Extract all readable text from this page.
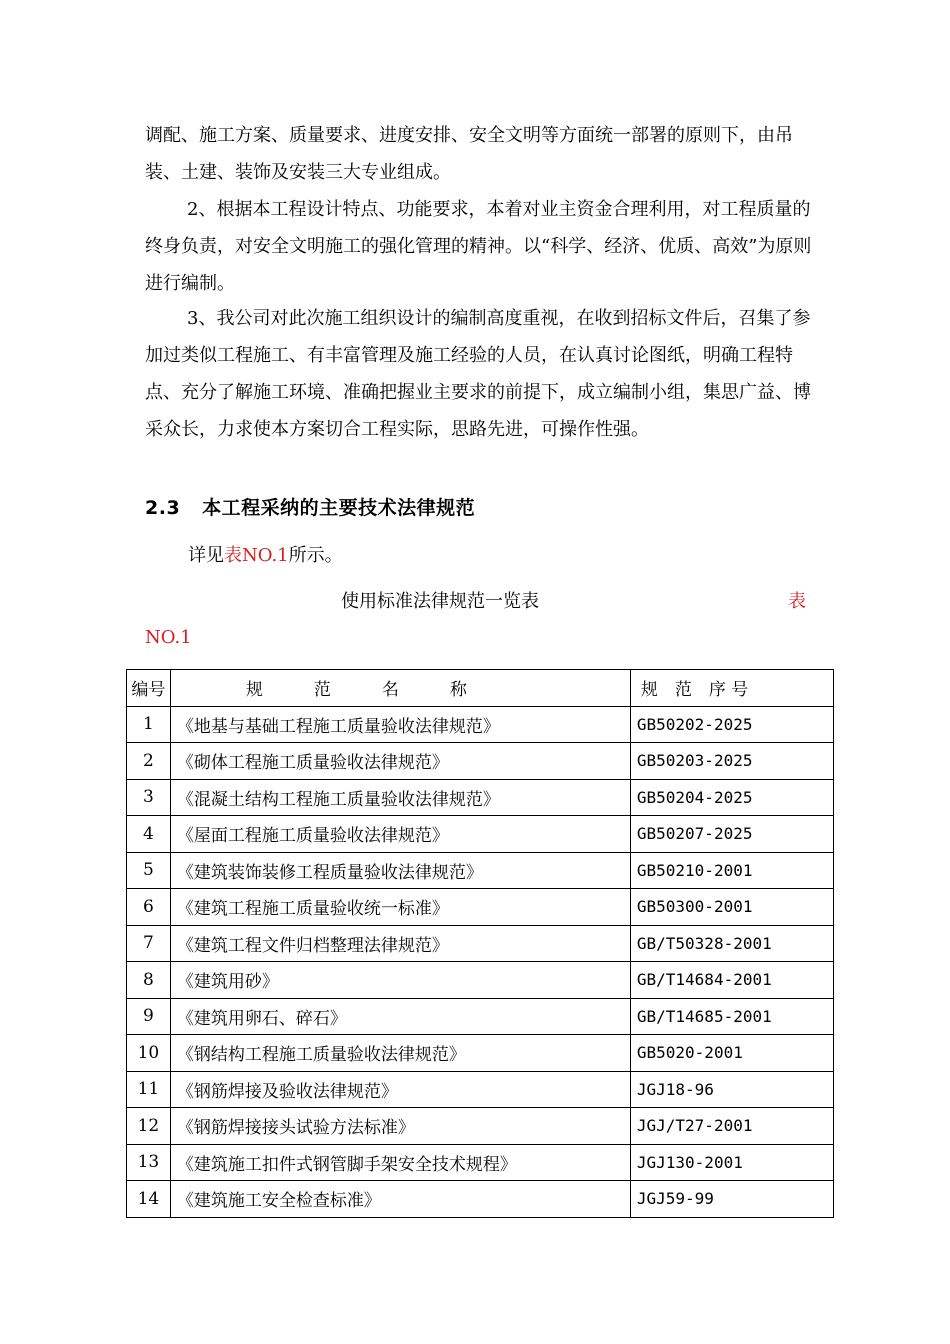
调配、施工方案、质量要求、进度安排、安全文明等方面统一部署的原则下，由吊装、土建、装饰及安装三大专业组成。

2、根据本工程设计特点、功能要求，本着对业主资金合理利用，对工程质量的终身负责，对安全文明施工的强化管理的精神。以“科学、经济、优质、高效”为原则进行编制。

3、我公司对此次施工组织设计的编制高度重视，在收到招标文件后，召集了参加过类似工程施工、有丰富管理及施工经验的人员，在认真讨论图纸，明确工程特点、充分了解施工环境、准确把握业主要求的前提下，成立编制小组，集思广益、博采众长，力求使本方案切合工程实际，思路先进，可操作性强。

2.3 本工程采纳的主要技术法律规范

详见表NO.1所示。

使用标准法律规范一览表	表
NO.1
编号	规　　　范　　　名　　　称	规　范　序 号
1	《地基与基础工程施工质量验收法律规范》	GB50202-2025
2	《砌体工程施工质量验收法律规范》	GB50203-2025
3	《混凝土结构工程施工质量验收法律规范》	GB50204-2025
4	《屋面工程施工质量验收法律规范》	GB50207-2025
5	《建筑装饰装修工程质量验收法律规范》	GB50210-2001
6	《建筑工程施工质量验收统一标准》	GB50300-2001
7	《建筑工程文件归档整理法律规范》	GB/T50328-2001
8	《建筑用砂》	GB/T14684-2001
9	《建筑用卵石、碎石》	GB/T14685-2001
10	《钢结构工程施工质量验收法律规范》	GB5020-2001
11	《钢筋焊接及验收法律规范》	JGJ18-96
12	《钢筋焊接接头试验方法标准》	JGJ/T27-2001
13	《建筑施工扣件式钢管脚手架安全技术规程》	JGJ130-2001
14	《建筑施工安全检查标准》	JGJ59-99
